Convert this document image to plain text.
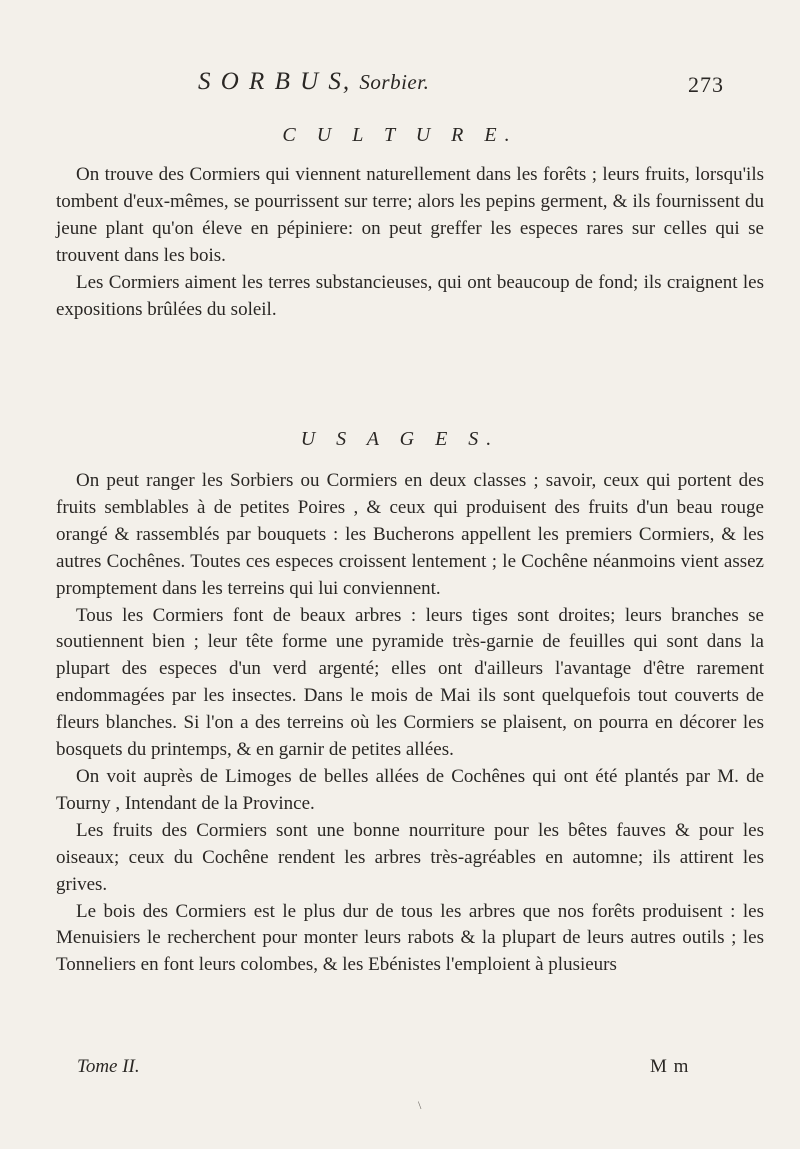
S O R B U S, Sorbier.	273
C U L T U R E.

On trouve des Cormiers qui viennent naturellement dans les forêts ; leurs fruits, lorsqu'ils tombent d'eux-mêmes, se pourrissent sur terre; alors les pepins germent, & ils fournissent du jeune plant qu'on éleve en pépiniere: on peut greffer les especes rares sur celles qui se trouvent dans les bois.

Les Cormiers aiment les terres substancieuses, qui ont beaucoup de fond; ils craignent les expositions brûlées du soleil.

U S A G E S.

On peut ranger les Sorbiers ou Cormiers en deux classes ; savoir, ceux qui portent des fruits semblables à de petites Poires , & ceux qui produisent des fruits d'un beau rouge orangé & rassemblés par bouquets : les Bucherons appellent les premiers Cormiers, & les autres Cochênes. Toutes ces especes croissent lentement ; le Cochêne néanmoins vient assez promptement dans les terreins qui lui conviennent.

Tous les Cormiers font de beaux arbres : leurs tiges sont droites; leurs branches se soutiennent bien ; leur tête forme une pyramide très-garnie de feuilles qui sont dans la plupart des especes d'un verd argenté; elles ont d'ailleurs l'avantage d'être rarement endommagées par les insectes. Dans le mois de Mai ils sont quelquefois tout couverts de fleurs blanches. Si l'on a des terreins où les Cormiers se plaisent, on pourra en décorer les bosquets du printemps, & en garnir de petites allées.

On voit auprès de Limoges de belles allées de Cochênes qui ont été plantés par M. de Tourny , Intendant de la Province.

Les fruits des Cormiers sont une bonne nourriture pour les bêtes fauves & pour les oiseaux; ceux du Cochêne rendent les arbres très-agréables en automne; ils attirent les grives.

Le bois des Cormiers est le plus dur de tous les arbres que nos forêts produisent : les Menuisiers le recherchent pour monter leurs rabots & la plupart de leurs autres outils ; les Tonneliers en font leurs colombes, & les Ebénistes l'emploient à plusieurs

Tome II.	M m
\
